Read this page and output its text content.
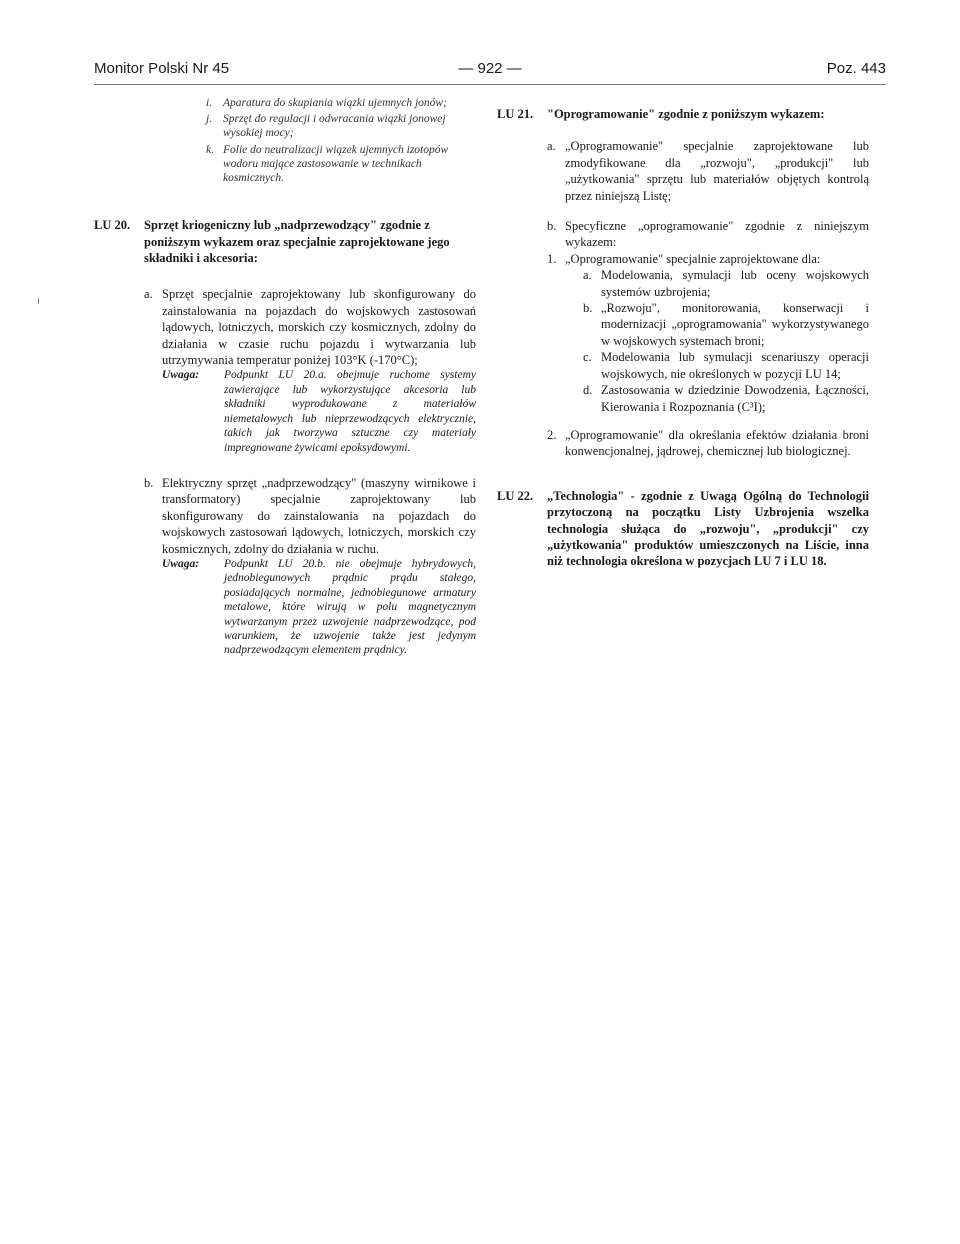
Monitor Polski Nr 45	— 922 —	Poz. 443
i. Aparatura do skupiania wiązki ujemnych jonów;
j. Sprzęt do regulacji i odwracania wiązki jonowej wysokiej mocy;
k. Folie do neutralizacji wiązek ujemnych izotopów wodoru mające zastosowanie w technikach kosmicznych.
LU 20.	Sprzęt kriogeniczny lub „nadprzewodzący" zgodnie z poniższym wykazem oraz specjalnie zaprojektowane jego składniki i akcesoria:
a. Sprzęt specjalnie zaprojektowany lub skonfigurowany do zainstalowania na pojazdach do wojskowych zastosowań lądowych, lotniczych, morskich czy kosmicznych, zdolny do działania w czasie ruchu pojazdu i wytwarzania lub utrzymywania temperatur poniżej 103°K (-170°C);
Uwaga:	Podpunkt LU 20.a. obejmuje ruchome systemy zawierające lub wykorzystujące akcesoria lub składniki wyprodukowane z materiałów niemetalowych lub nieprzewodzących elektrycznie, takich jak tworzywa sztuczne czy materiały impregnowane żywicami epoksydowymi.
b. Elektryczny sprzęt „nadprzewodzący" (maszyny wirnikowe i transformatory) specjalnie zaprojektowany lub skonfigurowany do zainstalowania na pojazdach do wojskowych zastosowań lądowych, lotniczych, morskich czy kosmicznych, zdolny do działania w ruchu.
Uwaga:	Podpunkt LU 20.b. nie obejmuje hybrydowych, jednobiegunowych prądnic prądu stałego, posiadających normalne, jednobiegunowe armatury metalowe, które wirują w polu magnetycznym wytwarzanym przez uzwojenie nadprzewodzące, pod warunkiem, że uzwojenie także jest jedynym nadprzewodzącym elementem prądnicy.
LU 21.	"Oprogramowanie" zgodnie z poniższym wykazem:
a. „Oprogramowanie" specjalnie zaprojektowane lub zmodyfikowane dla „rozwoju", „produkcji" lub „użytkowania" sprzętu lub materiałów objętych kontrolą przez niniejszą Listę;
b. Specyficzne „oprogramowanie" zgodnie z niniejszym wykazem:
1. „Oprogramowanie" specjalnie zaprojektowane dla:
a. Modelowania, symulacji lub oceny wojskowych systemów uzbrojenia;
b. „Rozwoju", monitorowania, konserwacji i modernizacji „oprogramowania" wykorzystywanego w wojskowych systemach broni;
c. Modelowania lub symulacji scenariuszy operacji wojskowych, nie określonych w pozycji LU 14;
d. Zastosowania w dziedzinie Dowodzenia, Łączności, Kierowania i Rozpoznania (C³I);
2. „Oprogramowanie" dla określania efektów działania broni konwencjonalnej, jądrowej, chemicznej lub biologicznej.
LU 22.	„Technologia" - zgodnie z Uwagą Ogólną do Technologii przytoczoną na początku Listy Uzbrojenia wszelka technologia służąca do „rozwoju", „produkcji" czy „użytkowania" produktów umieszczonych na Liście, inna niż technologia określona w pozycjach LU 7 i LU 18.
